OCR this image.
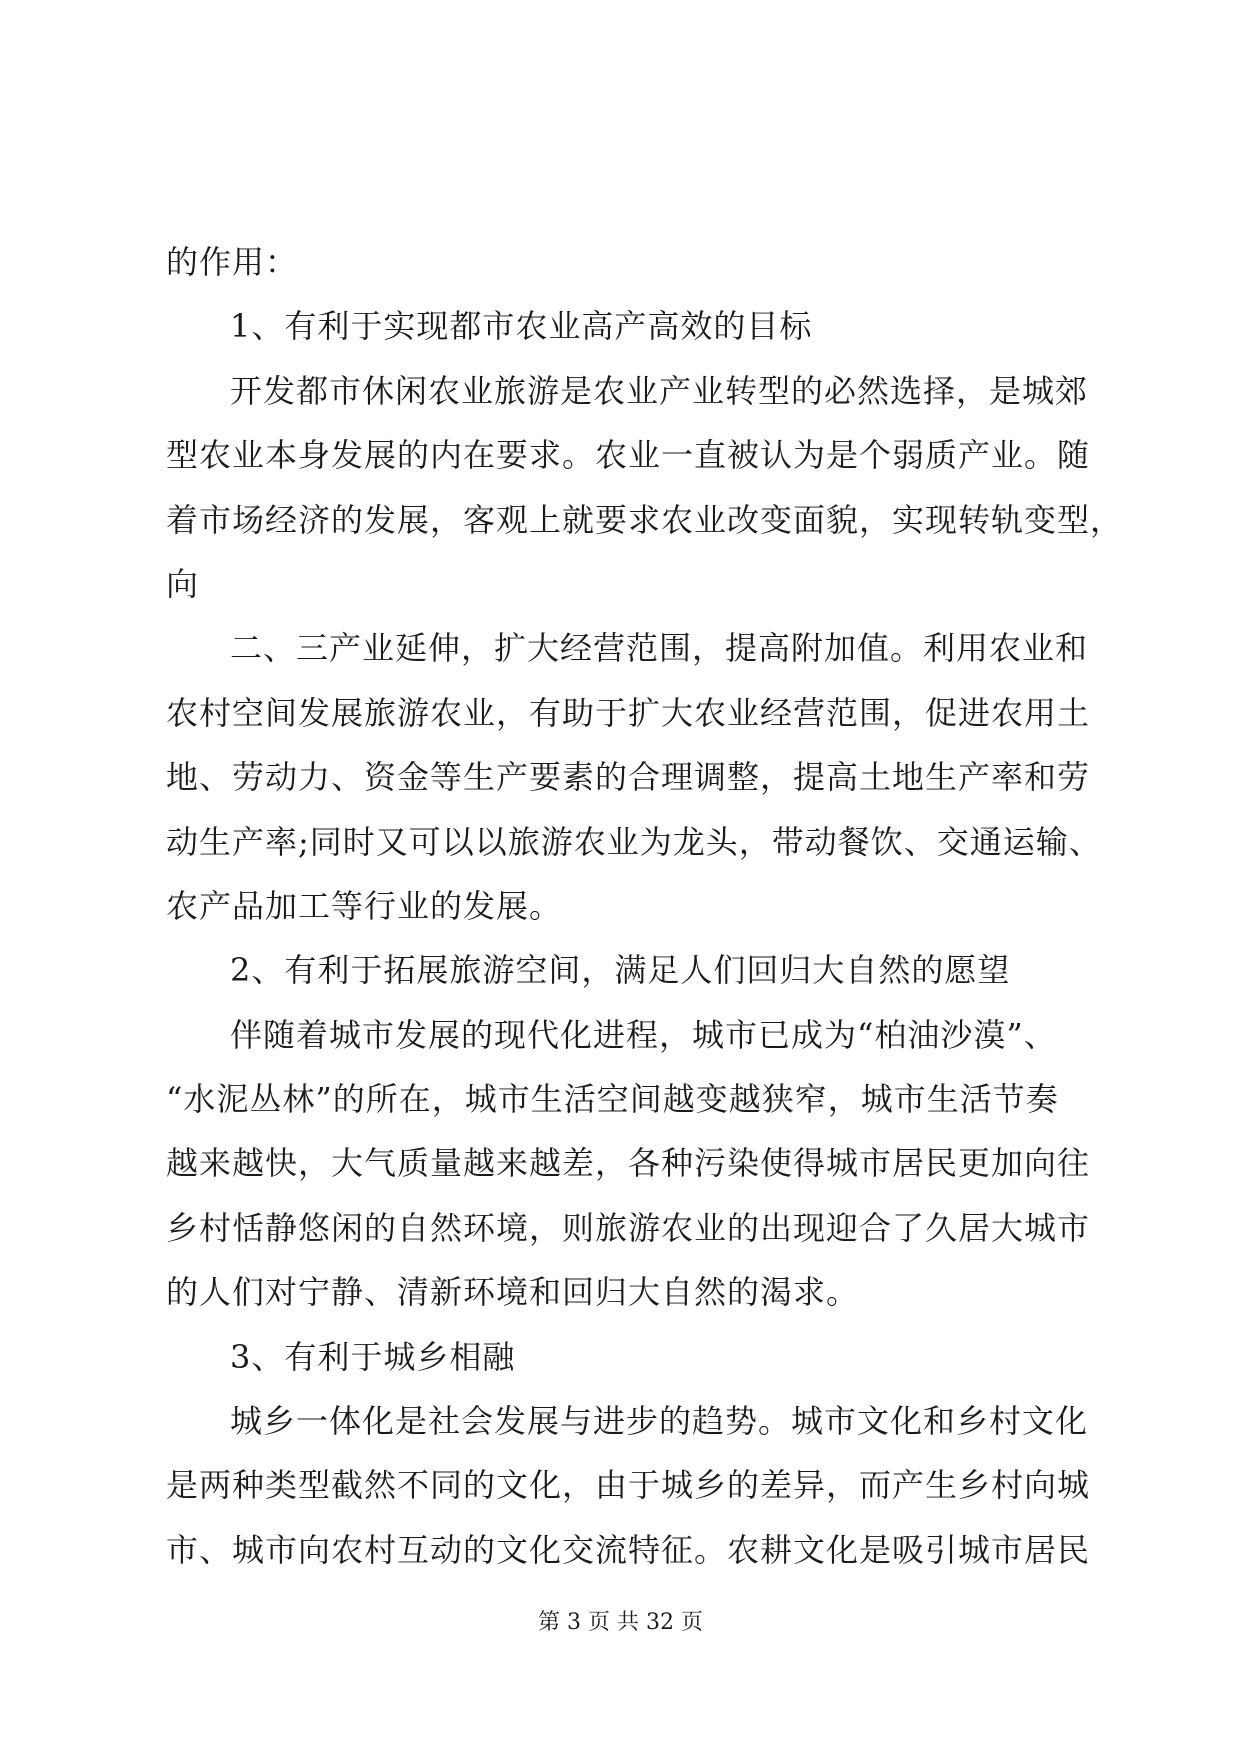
的作用：
1、有利于实现都市农业高产高效的目标
开发都市休闲农业旅游是农业产业转型的必然选择，是城郊
型农业本身发展的内在要求。农业一直被认为是个弱质产业。随
着市场经济的发展，客观上就要求农业改变面貌，实现转轨变型，
向
二、三产业延伸，扩大经营范围，提高附加值。利用农业和
农村空间发展旅游农业，有助于扩大农业经营范围，促进农用土
地、劳动力、资金等生产要素的合理调整，提高土地生产率和劳
动生产率;同时又可以以旅游农业为龙头，带动餐饮、交通运输、
农产品加工等行业的发展。
2、有利于拓展旅游空间，满足人们回归大自然的愿望
伴随着城市发展的现代化进程，城市已成为“柏油沙漠”、
“水泥丛林”的所在，城市生活空间越变越狭窄，城市生活节奏
越来越快，大气质量越来越差，各种污染使得城市居民更加向往
乡村恬静悠闲的自然环境，则旅游农业的出现迎合了久居大城市
的人们对宁静、清新环境和回归大自然的渴求。
3、有利于城乡相融
城乡一体化是社会发展与进步的趋势。城市文化和乡村文化
是两种类型截然不同的文化，由于城乡的差异，而产生乡村向城
市、城市向农村互动的文化交流特征。农耕文化是吸引城市居民
第 3 页 共 32 页
